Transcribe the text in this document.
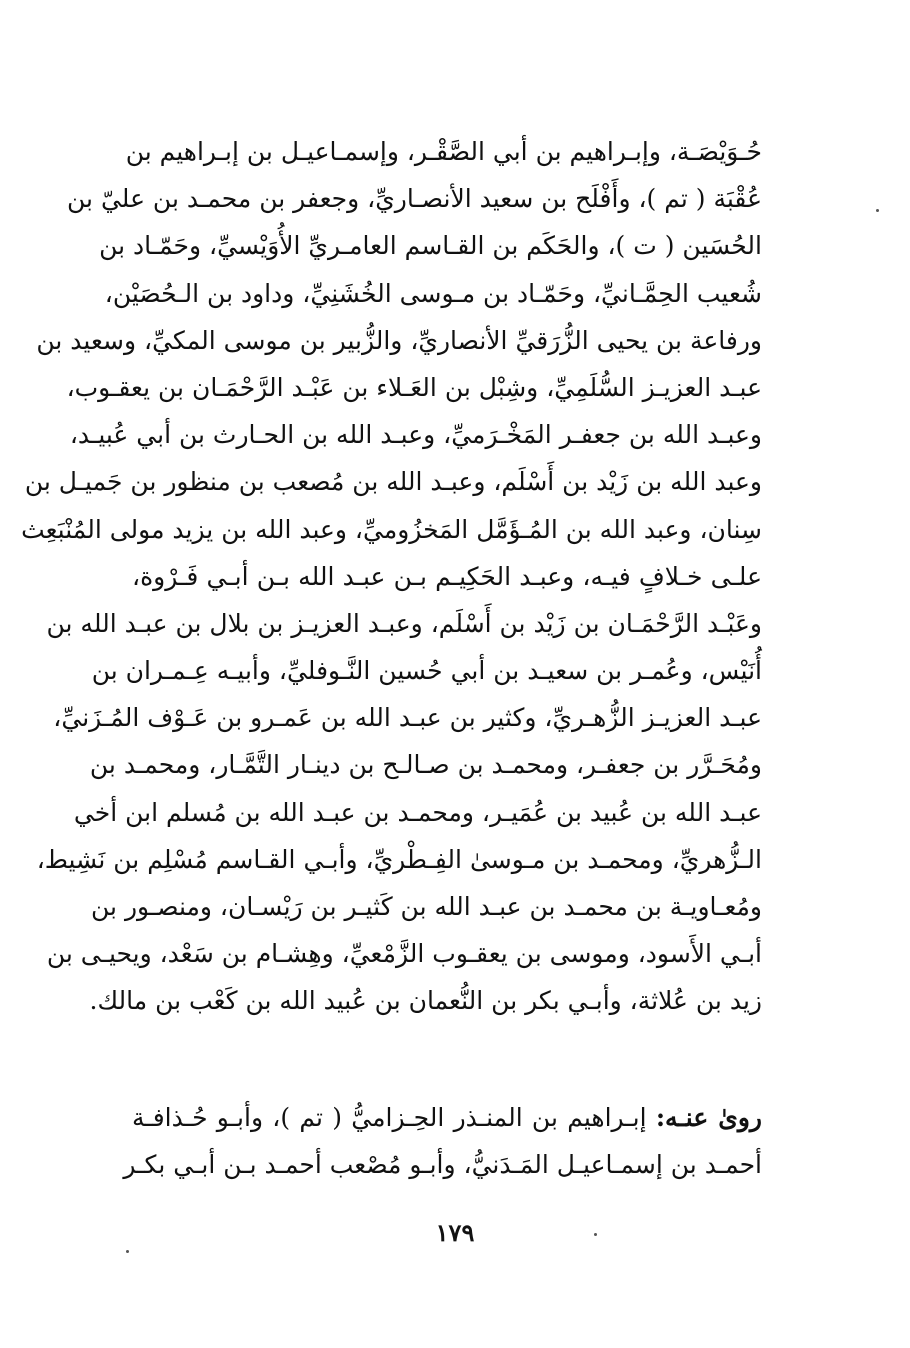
حُـوَيْصَـة، وإبـراهيم بن أبي الصَّقْـر، وإسمـاعيـل بن إبـراهيم بن
عُقْبَة ( تم )، وأَفْلَح بن سعيد الأنصـاريِّ، وجعفر بن محمـد بن عليّ بن
الحُسَين ( ت )، والحَكَم بن القـاسم العامـريِّ الأُوَيْسيِّ، وحَمّـاد بن
شُعيب الحِمَّـانيِّ، وحَمّـاد بن مـوسى الخُشَنِيِّ، وداود بن الـحُصَيْن،
ورفاعة بن يحيى الزُّرَقيِّ الأنصاريِّ، والزُّبير بن موسى المكيِّ، وسعيد بن
عبـد العزيـز السُّلَمِيِّ، وشِبْل بن العَـلاء بن عَبْـد الرَّحْمَـان بن يعقـوب،
وعبـد الله بن جعفـر المَخْـرَميِّ، وعبـد الله بن الحـارث بن أبي عُبيـد،
وعبد الله بن زَيْد بن أَسْلَم، وعبـد الله بن مُصعب بن منظور بن جَميـل بن
سِنان، وعبد الله بن المُـؤَمَّل المَخزُوميِّ، وعبد الله بن يزيد مولى المُنْبَعِث
علـى خـلافٍ فيـه، وعبـد الحَكِيـم بـن عبـد الله بـن أبـي فَـرْوة،
وعَبْـد الرَّحْمَـان بن زَيْد بن أَسْلَم، وعبـد العزيـز بن بلال بن عبـد الله بن
أُنَيْس، وعُمـر بن سعيـد بن أبي حُسين النَّـوفليِّ، وأبيـه عِـمـران بن
عبـد العزيـز الزُّهـريِّ، وكثير بن عبـد الله بن عَمـرو بن عَـوْف المُـزَنيِّ،
ومُحَـرَّر بن جعفـر، ومحمـد بن صـالـح بن دينـار التَّمَّـار، ومحمـد بن
عبـد الله بن عُبيد بن عُمَيـر، ومحمـد بن عبـد الله بن مُسلم ابن أخي
الـزُّهريِّ، ومحمـد بن مـوسىٰ الفِـطْريِّ، وأبـي القـاسم مُسْلِم بن نَشِيط،
ومُعـاويـة بن محمـد بن عبـد الله بن كَثيـر بن رَيْسـان، ومنصـور بن
أبـي الأَسود، وموسى بن يعقـوب الزَّمْعيِّ، وهِشـام بن سَعْد، ويحيـى بن
زيد بن عُلاثة، وأبـي بكر بن النُّعمان بن عُبيد الله بن كَعْب بن مالك.
روىٰ عنـه: إبـراهيم بن المنـذر الحِـزاميُّ ( تم )، وأبـو حُـذافـة
أحمـد بن إسمـاعيـل المَـدَنيُّ، وأبـو مُصْعب أحمـد بـن أبـي بكـر
١٧٩
